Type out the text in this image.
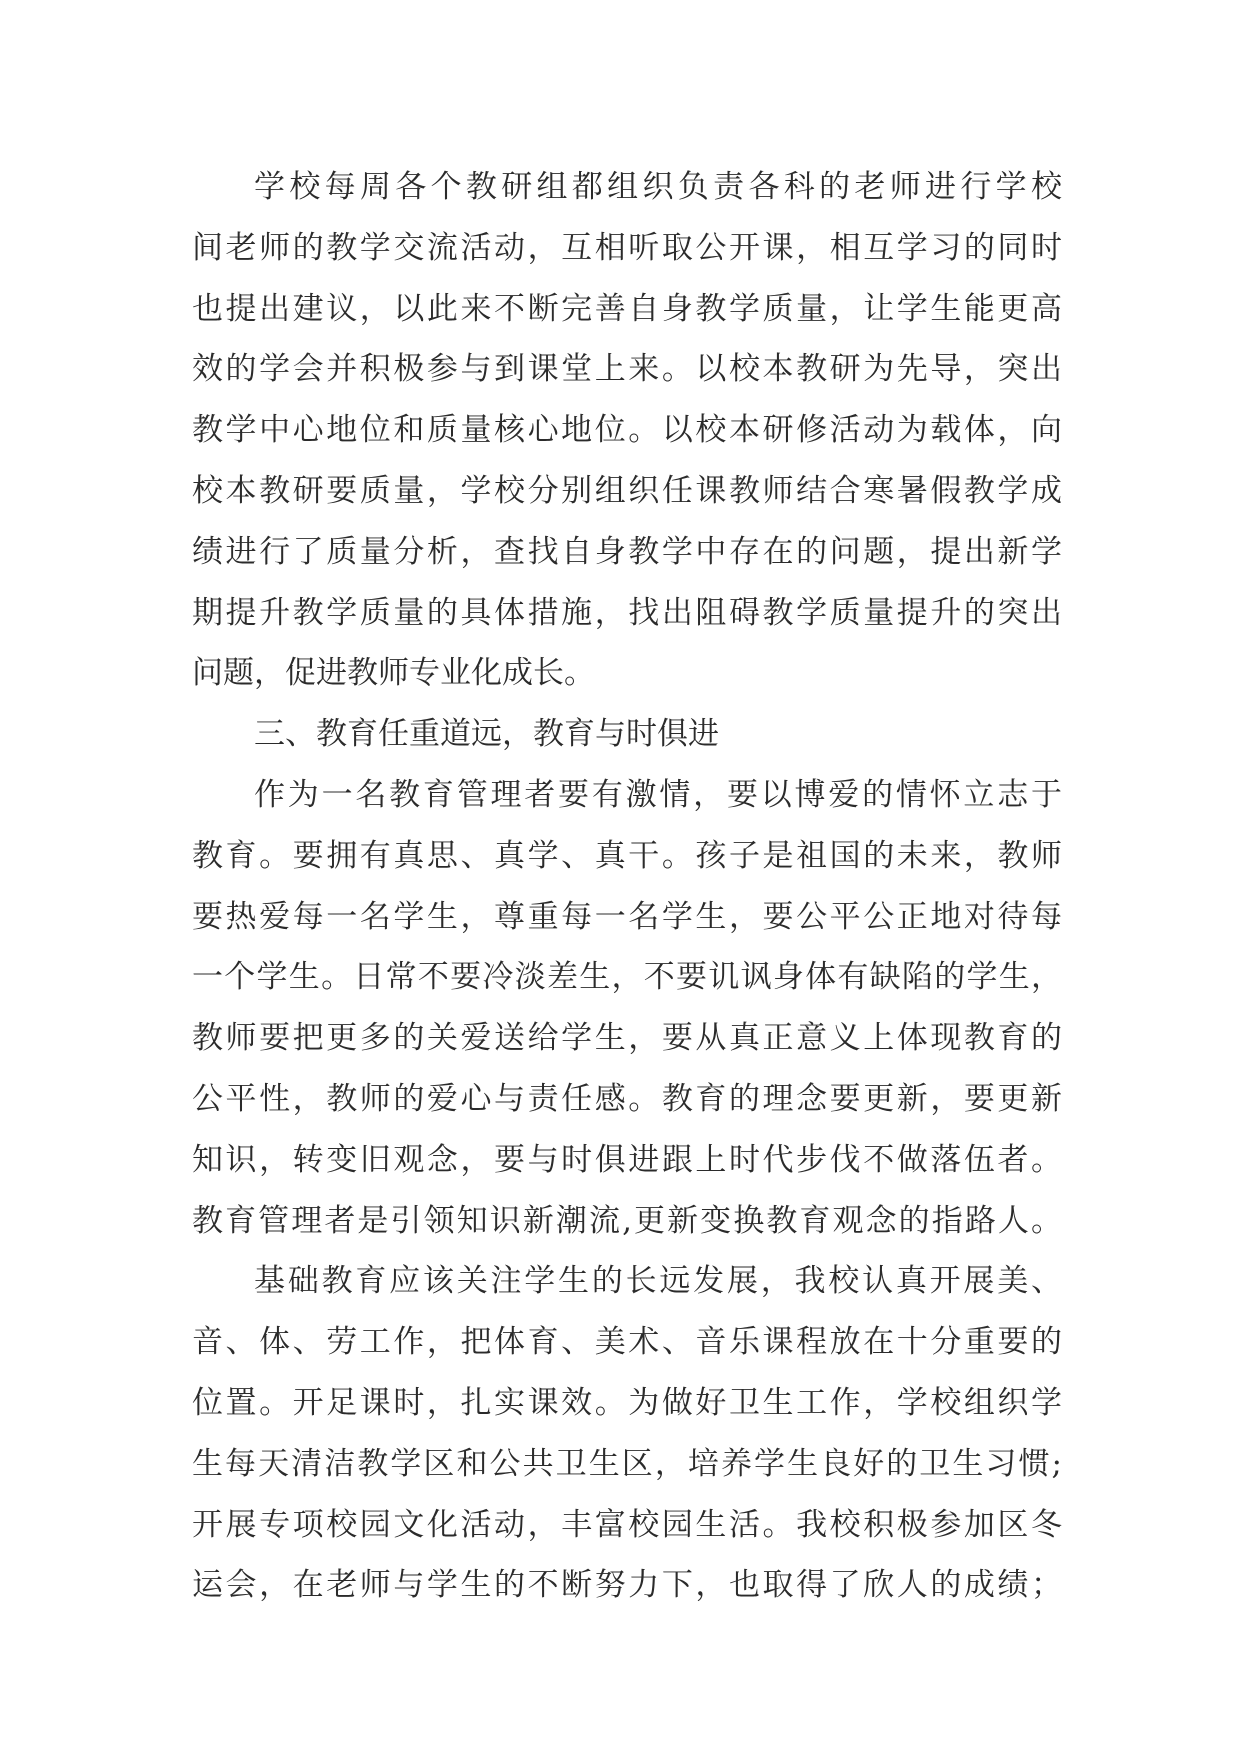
学校每周各个教研组都组织负责各科的老师进行学校
间老师的教学交流活动，互相听取公开课，相互学习的同时
也提出建议，以此来不断完善自身教学质量，让学生能更高
效的学会并积极参与到课堂上来。以校本教研为先导，突出
教学中心地位和质量核心地位。以校本研修活动为载体，向
校本教研要质量，学校分别组织任课教师结合寒暑假教学成
绩进行了质量分析，查找自身教学中存在的问题，提出新学
期提升教学质量的具体措施，找出阻碍教学质量提升的突出
问题，促进教师专业化成长。
三、教育任重道远，教育与时俱进
作为一名教育管理者要有激情，要以博爱的情怀立志于
教育。要拥有真思、真学、真干。孩子是祖国的未来，教师
要热爱每一名学生，尊重每一名学生，要公平公正地对待每
一个学生。日常不要冷淡差生，不要讥讽身体有缺陷的学生，
教师要把更多的关爱送给学生，要从真正意义上体现教育的
公平性，教师的爱心与责任感。教育的理念要更新，要更新
知识，转变旧观念，要与时俱进跟上时代步伐不做落伍者。
教育管理者是引领知识新潮流,更新变换教育观念的指路人。
基础教育应该关注学生的长远发展，我校认真开展美、
音、体、劳工作，把体育、美术、音乐课程放在十分重要的
位置。开足课时，扎实课效。为做好卫生工作，学校组织学
生每天清洁教学区和公共卫生区，培养学生良好的卫生习惯;
开展专项校园文化活动，丰富校园生活。我校积极参加区冬
运会，在老师与学生的不断努力下，也取得了欣人的成绩；
